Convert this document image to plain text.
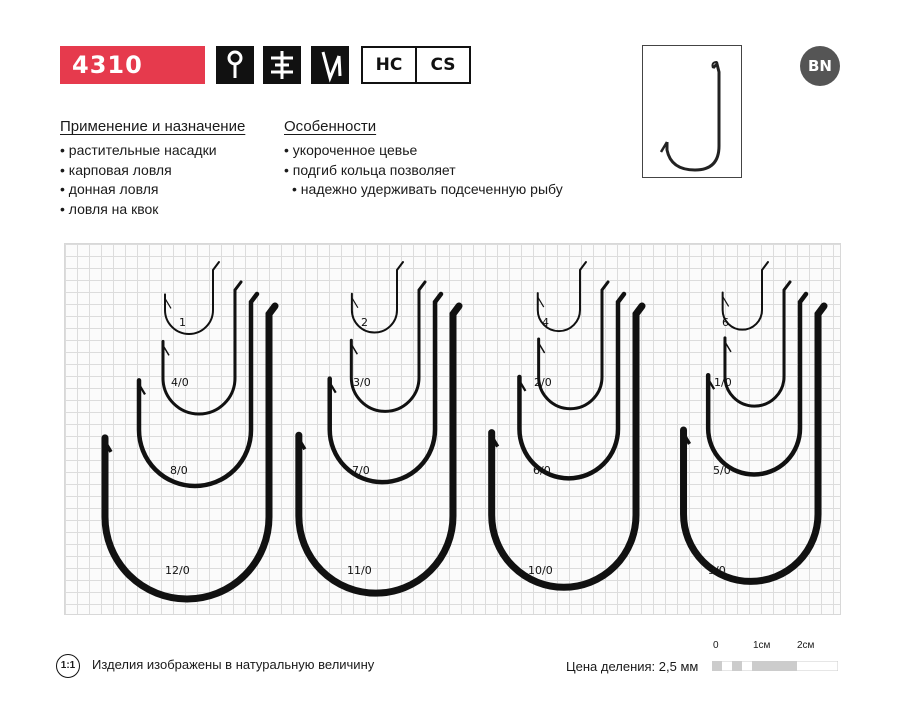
4310	HC	CS	BN
Применение и назначение
• растительные насадки
• карповая ловля
• донная ловля
• ловля на квок
Особенности
• укороченное цевье
• подгиб кольца позволяет
• надежно удерживать подсеченную рыбу
1
4/0
8/0
12/0
2
3/0
7/0
11/0
4
2/0
6/0
10/0
6
1/0
5/0
9/0
1:1	Изделия изображены в натуральную величину	Цена деления: 2,5 мм
0	1см	2см
